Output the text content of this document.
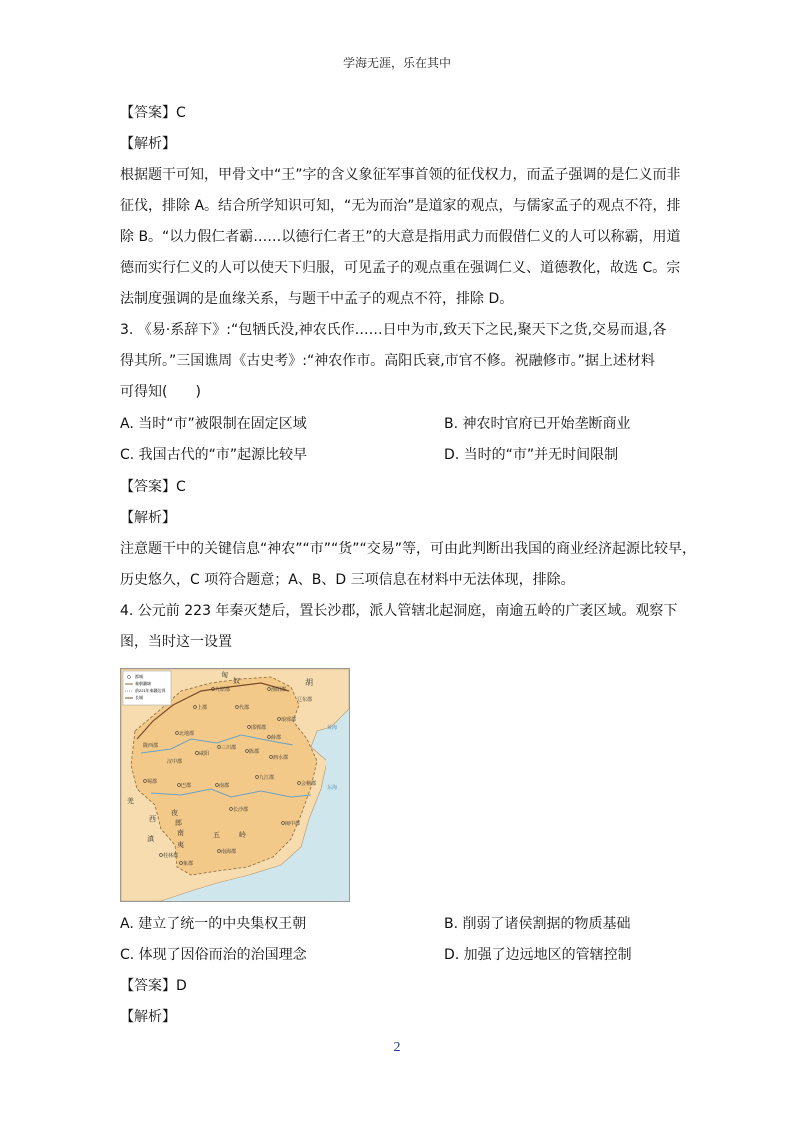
学海无涯，乐在其中
【答案】C
【解析】
根据题干可知，甲骨文中“王”字的含义象征军事首领的征伐权力，而孟子强调的是仁义而非
征伐，排除 A。结合所学知识可知，“无为而治”是道家的观点，与儒家孟子的观点不符，排
除 B。“以力假仁者霸……以德行仁者王”的大意是指用武力而假借仁义的人可以称霸，用道
德而实行仁义的人可以使天下归服，可见孟子的观点重在强调仁义、道德教化，故选 C。宗
法制度强调的是血缘关系，与题干中孟子的观点不符，排除 D。
3. 《易·系辞下》:“包牺氏没,神农氏作……日中为市,致天下之民,聚天下之货,交易而退,各
得其所。”三国谯周《古史考》:“神农作市。高阳氏衰,市官不修。祝融修市。”据上述材料
可得知(　　)
A. 当时“市”被限制在固定区域	B. 神农时官府已开始垄断商业
C. 我国古代的“市”起源比较早	D. 当时的“市”并无时间限制
【答案】C
【解析】
注意题干中的关键信息“神农”“市”“货”“交易”等，可由此判断出我国的商业经济起源比较早，
历史悠久，C 项符合题意；A、B、D 三项信息在材料中无法体现，排除。
4. 公元前 223 年秦灭楚后，置长沙郡，派人管辖北起洞庭，南逾五岭的广袤区域。观察下
图，当时这一设置
郡城
秦朝疆域
前221年秦疆边界
长城
胡
匈
奴
九原郡	渔阳郡
辽东郡
上郡	代郡
陇西郡
北地郡
咸阳
邯郸郡
琅邪郡
汉中郡
三川郡
陈郡
薛郡
泗水郡
蜀郡
巴郡	南郡
九江郡
会稽郡
长沙郡
闽中郡
羌
夜
郎
西
南
滇
夷
桂林郡
南海郡
象郡
五	岭
黄海
东海
A. 建立了统一的中央集权王朝	B. 削弱了诸侯割据的物质基础
C. 体现了因俗而治的治国理念	D. 加强了边远地区的管辖控制
【答案】D
【解析】
2
